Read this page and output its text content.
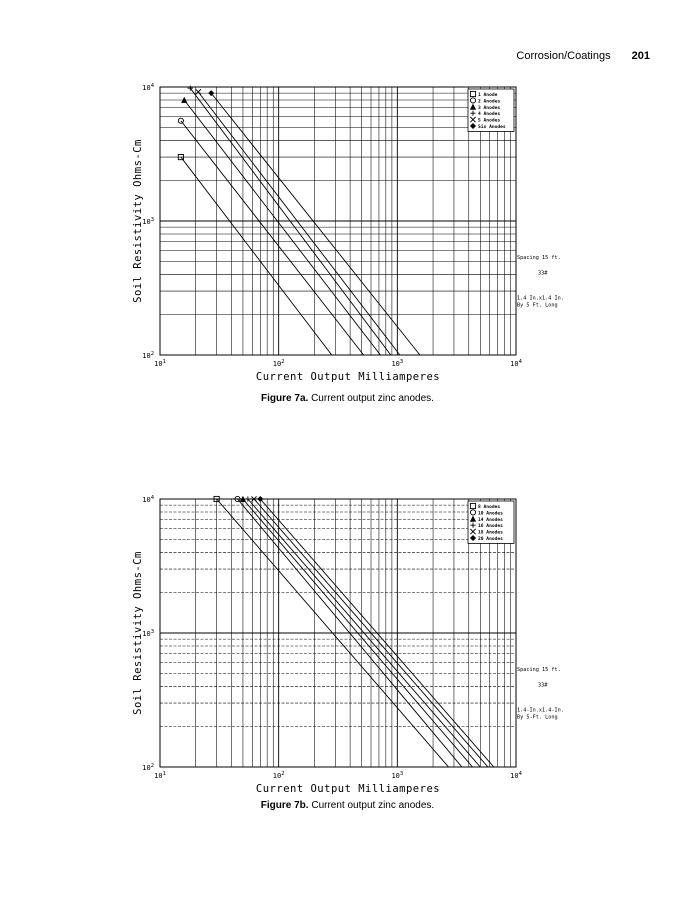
Corrosion/Coatings 201
$10^1$	$10^2$	$10^3$	$10^4$
$10^2$
$10^3$
$10^4$
Current Output Milliamperes
Soil Resistivity Ohms-Cm
1 Anode
2 Anodes
3 Anodes
4 Anodes
5 Anodes
Six Anodes
Spacing 15 ft.
33#
1.4 In.x1.4 In.
By 5 Ft. Long
Figure 7a. Current output zinc anodes.
$10^1$	$10^2$	$10^3$	$10^4$
$10^2$
$10^3$
$10^4$
Current Output Milliamperes
Soil Resistivity Ohms-Cm
8 Anodes
10 Anodes
14 Anodes
16 Anodes
18 Anodes
20 Anodes
Spacing 15 ft.
33#
1.4-In.x1.4-In.
By 5-Ft. Long
Figure 7b. Current output zinc anodes.
